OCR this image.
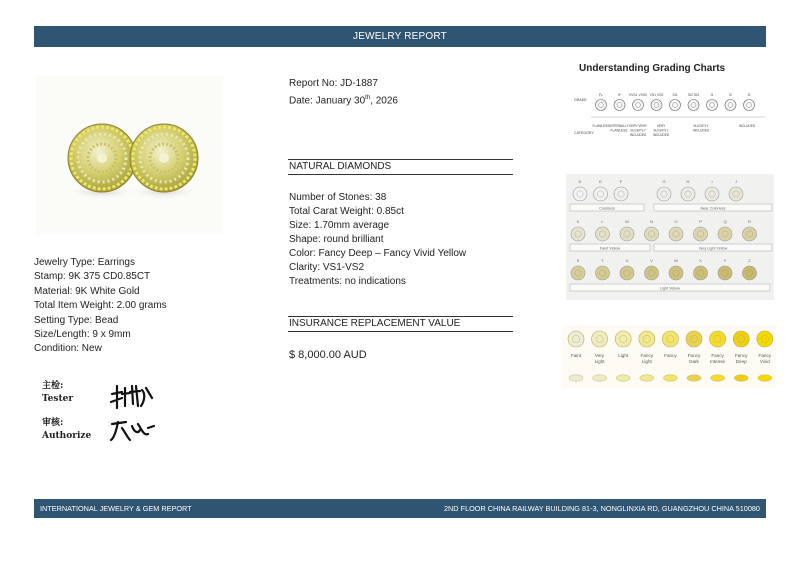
JEWELRY REPORT
Jewelry Type: Earrings
Stamp: 9K 375 CD0.85CT
Material: 9K White Gold
Total Item Weight: 2.00 grams
Setting Type: Bead
Size/Length: 9 x 9mm
Condition: New
主检:
Tester
审核:
Authorize
Report No: JD-1887
Date: January 30th, 2026
NATURAL DIAMONDS
Number of Stones: 38
Total Carat Weight: 0.85ct
Size: 1.70mm average
Shape: round brilliant
Color: Fancy Deep – Fancy Vivid Yellow
Clarity: VS1-VS2
Treatments: no indications
INSURANCE REPLACEMENT VALUE
$ 8,000.00 AUD
Understanding Grading Charts
GRADE
CATEGORY
FL	IF VVS1 VVS2 VS1 VS2	SI1	SI2 SI3	I1	I2	I3
FLAWLESS INTERNALLY
FLAWLESS
VERY VERY
SLIGHTLY
INCLUDED
VERY
SLIGHTLY
INCLUDED
SLIGHTLY
INCLUDED
INCLUDED
D	E	F	G	H	I	J
K	L	M	N	O	P	Q	R
S	T	U	V	W	X	Y	Z
Colorless	Near Colorless
Faint Yellow	Very Light Yellow
Light Yellow
Faint	Very
Light
Light	Fancy
Light
Fancy Fancy
Dark
Fancy
Intense
Fancy
Deep
Fancy
Vivid
INTERNATIONAL JEWELRY & GEM REPORT	2ND FLOOR CHINA RAILWAY BUILDING 81-3, NONGLINXIA RD, GUANGZHOU CHINA 510080
